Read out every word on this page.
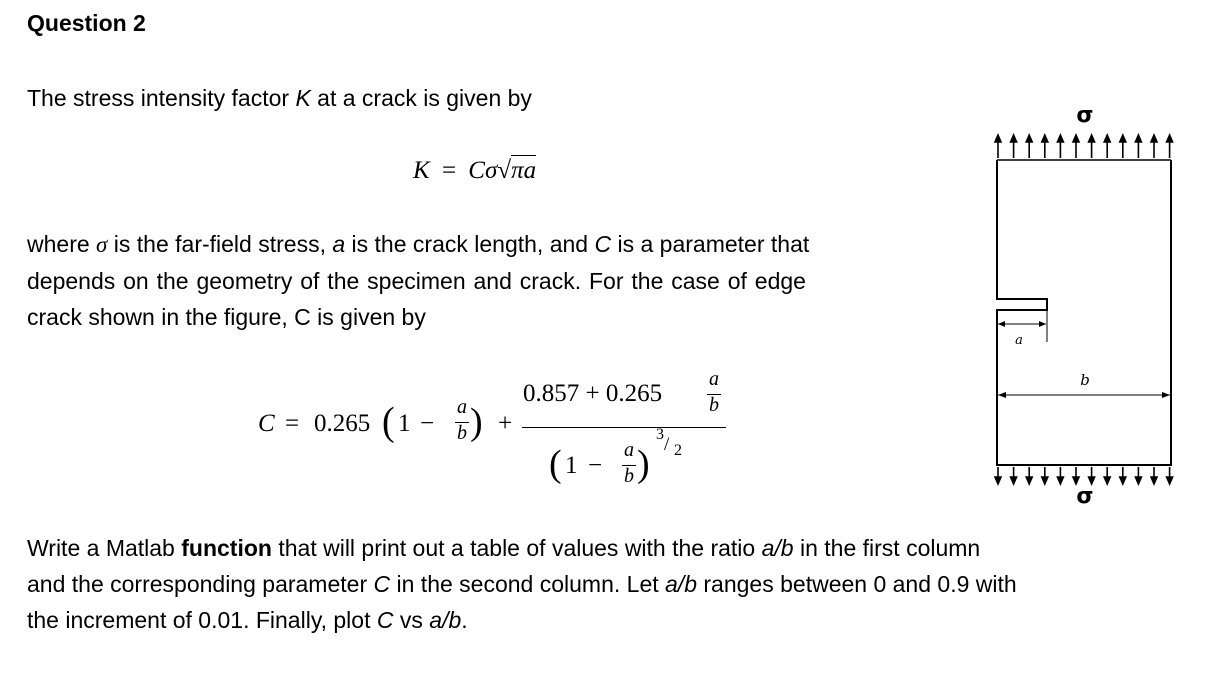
Question 2
The stress intensity factor K at a crack is given by
K = Cσ√πa
where σ is the far-field stress, a is the crack length, and C is a parameter that
depends on the geometry of the specimen and crack. For the case of edge
crack shown in the figure, C is given by
C = 0.265 ( 1 −
a
b ) +
0.857 + 0.265
a
b
( 1 −
a
b )
3 / 2
σ
a
b
σ
Write a Matlab function that will print out a table of values with the ratio a/b in the first column
and the corresponding parameter C in the second column. Let a/b ranges between 0 and 0.9 with
the increment of 0.01. Finally, plot C vs a/b.
